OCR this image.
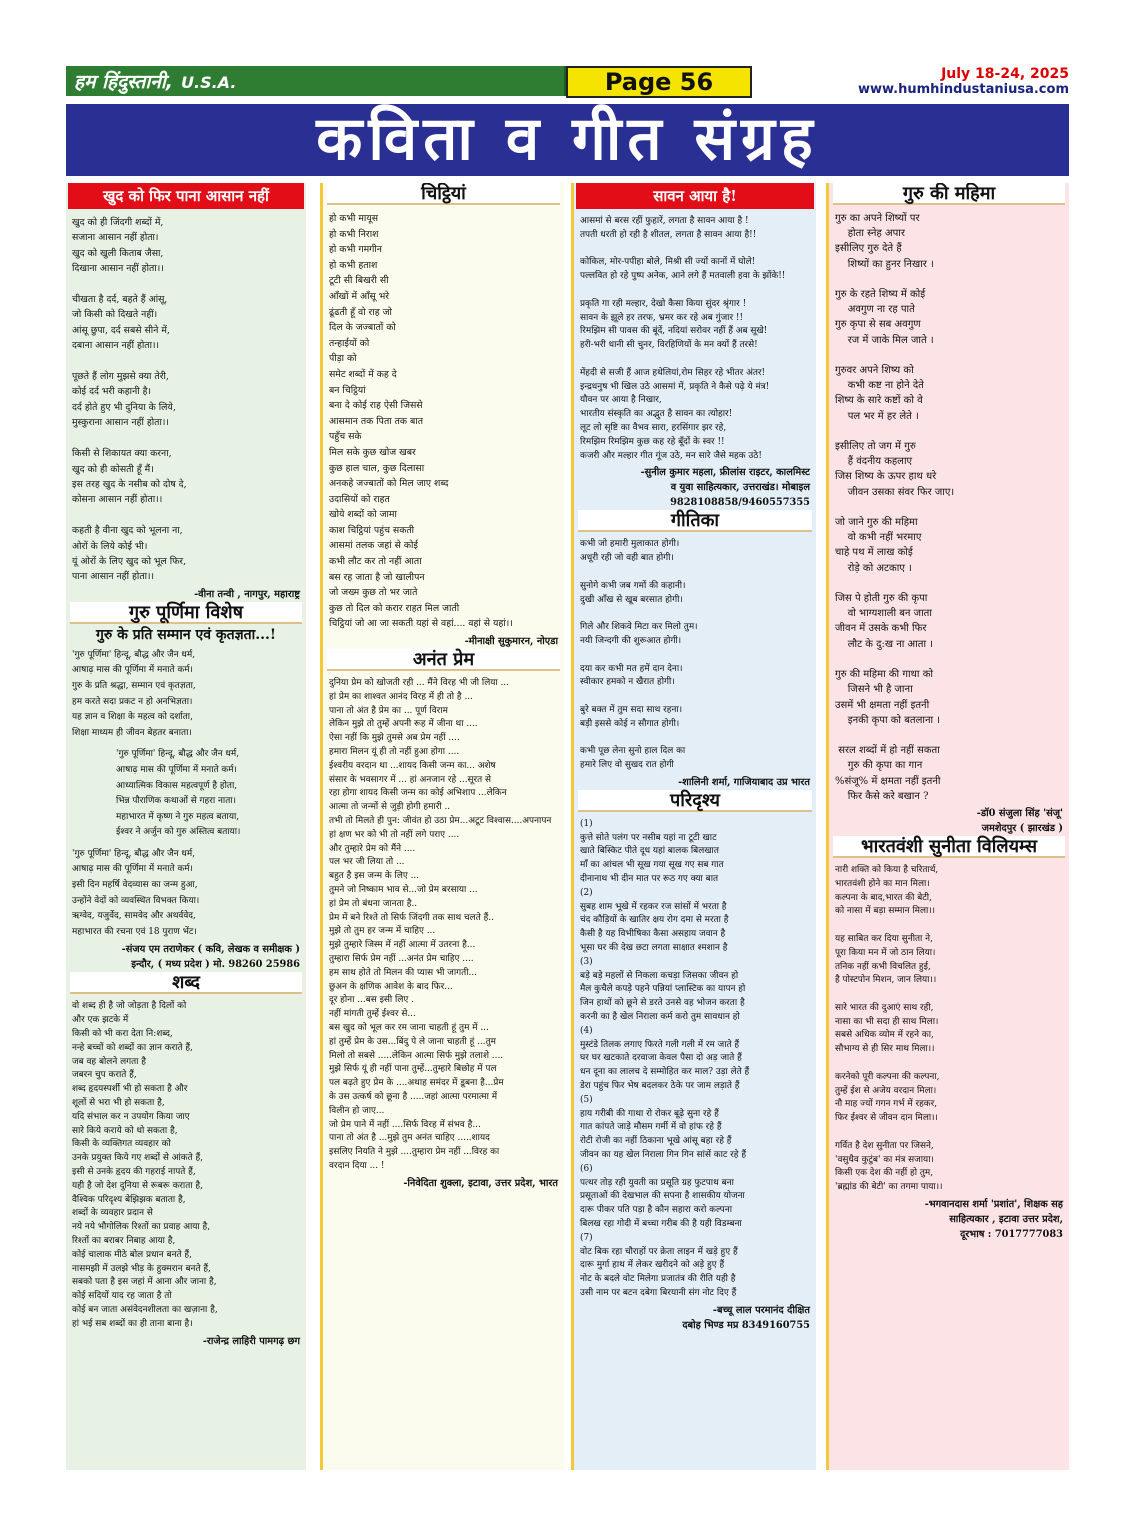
हम हिंदुस्तानी, U.S.A.	Page 56	July 18-24, 2025
www.humhindustaniusa.com
कविता व गीत संग्रह
खुद को फिर पाना आसान नहीं
खुद को ही जिंदगी शब्दों में,
सजाना आसान नहीं होता।
खुद को खुली किताब जैसा,
दिखाना आसान नहीं होता।।

चीखता है दर्द, बहते हैं आंसू,
जो किसी को दिखते नहीं।
आंसू छुपा, दर्द सबसे सीने में,
दबाना आसान नहीं होता।।

पूछते हैं लोग मुझसे क्या तेरी,
कोई दर्द भरी कहानी है।
दर्द होते हुए भी दुनिया के लिये,
मुस्कुराना आसान नहीं होता।।

किसी से शिकायत क्या करना,
खुद को ही कोसती हूँ मैं।
इस तरह खुद के नसीब को दोष दे,
कोसना आसान नहीं होता।।

कहती है वीना खुद को भूलना ना,
ओरों के लिये कोई भी।
यूं ओरों के लिए खुद को भूल फिर,
पाना आसान नहीं होता।।
-वीना तन्वी , नागपुर, महाराष्ट्र
गुरु पूर्णिमा विशेष
गुरु के प्रति सम्मान एवं कृतज्ञता...!
'गुरु पूर्णिमा' हिन्दू, बौद्ध और जैन धर्म,
आषाढ़ मास की पूर्णिमा में मनाते कर्म।
गुरु के प्रति श्रद्धा, सम्मान एवं कृतज्ञता,
हम करते सदा प्रकट न हो अनभिज्ञता।
यह ज्ञान व शिक्षा के महत्व को दर्शाता,
शिक्षा माध्यम ही जीवन बेहतर बनाता।
'गुरु पूर्णिमा' हिन्दू, बौद्ध और जैन धर्म,
आषाढ़ मास की पूर्णिमा में मनाते कर्म।
आध्यात्मिक विकास महत्वपूर्ण है होता,
भिन्न पौराणिक कथाओं से गहरा नाता।
महाभारत में कृष्ण ने गुरु महत्व बताया,
ईश्वर ने अर्जुन को गुरु अस्तित्व बताया।
'गुरु पूर्णिमा' हिन्दू, बौद्ध और जैन धर्म,
आषाढ़ मास की पूर्णिमा में मनाते कर्म।
इसी दिन महर्षि वेदव्यास का जन्म हुआ,
उन्होंने वेदों को व्यवस्थित विभक्त किया।
ऋग्वेद, यजुर्वेद, सामवेद और अथर्ववेद,
महाभारत की रचना एवं 18 पुराण भेंट।
-संजय एम तराणेकर ( कवि, लेखक व समीक्षक )
इन्दौर, ( मध्य प्रदेश ) मो. 98260 25986
शब्द
वो शब्द ही है जो जोड़ता है दिलों को
और एक झटके में
किसी को भी करा देता नि:शब्द,
नन्हे बच्चों को शब्दों का ज्ञान कराते हैं,
जब वह बोलने लगता है
जबरन चुप कराते हैं,
शब्द हृदयस्पर्शी भी हो सकता है और
शूलों से भरा भी हो सकता है,
यदि संभाल कर न उपयोग किया जाए
सारे किये कराये को धो सकता है,
किसी के व्यक्तिगत व्यवहार को
उनके प्रयुक्त किये गए शब्दों से आंकते हैं,
इसी से उनके हृदय की गहराई नापते हैं,
यही है जो देश दुनिया से रूबरू कराता है,
वैश्विक परिदृश्य बेझिझक बताता है,
शब्दों के व्यवहार प्रदान से
नये नये भौगोलिक रिश्तों का प्रवाह आया है,
रिश्तों का बराबर निबाह आया है,
कोई चालाक मीठे बोल प्रधान बनते हैं,
नासमझी में उलझे भीड़ के हुक्मरान बनते हैं,
सबको पता है इस जहां में आना और जाना है,
कोई सदियों याद रह जाता है तो
कोई बन जाता असंवेदनशीलता का खज़ाना है,
हां भई सब शब्दों का ही ताना बाना है।
-राजेन्द्र लाहिरी पामगढ़ छग
चिट्ठियां
हो कभी मायूस
हो कभी निराश
हो कभी गमगीन
हो कभी हताश
टूटी सी बिखरी सी
आँखों में आँसू भरे
ढूंढती हूँ वो राह जो
दिल के जज्बातों को
तन्हाईयों को
पीड़ा को
समेट शब्दों में कह दे
बन चिट्ठियां
बना दे कोई राह ऐसी जिससे
आसमान तक पिता तक बात
पहुँच सके
मिल सके कुछ खोज खबर
कुछ हाल चाल, कुछ दिलासा
अनकहे जज्बातों को मिल जाए शब्द
उदासियों को राहत
खोये शब्दों को जामा
काश चिट्ठियां पहुंच सकती
आसमां तलक जहां से कोई
कभी लौट कर तो नहीं आता
बस रह जाता है जो खालीपन
जो जख्म कुछ तो भर जाते
कुछ तो दिल को करार राहत मिल जाती
चिट्ठियां जो आ जा सकती यहां से वहां.... वहां से यहां।।
-मीनाक्षी सुकुमारन, नोएडा
अनंत प्रेम
दुनिया प्रेम को खोजती रही ... मैंने विरह भी जी लिया ...
हां प्रेम का शाश्वत आनंद विरह में ही तो है ...
पाना तो अंत है प्रेम का ... पूर्ण विराम
लेकिन मुझे तो तुम्हें अपनी रूह में जीना था ....
ऐसा नहीं कि मुझे तुमसे अब प्रेम नहीं ....
हमारा मिलन यूं ही तो नहीं हुआ होगा ....
ईश्वरीय वरदान था ...शायद किसी जन्म का... अशेष
संसार के भवसागर में ... हां अनजान रहे ...सूरत से
रहा होगा शायद किसी जन्म का कोई अभिशाप ...लेकिन
आत्मा तो जन्मों से जुड़ी होगी हमारी ..
तभी तो मिलते ही पुन: जीवंत हो उठा प्रेम...अटूट विश्वास....अपनापन
हां क्षण भर को भी तो नहीं लगे पराए ....
और तुम्हारे प्रेम को मैंने ....
पल भर जी लिया तो ...
बहुत है इस जन्म के लिए ...
तुमने जो निष्काम भाव से...जो प्रेम बरसाया ...
हां प्रेम तो बंधना जानता है..
प्रेम में बने रिश्ते तो सिर्फ जिंदगी तक साथ चलते हैं..
मुझे तो तुम हर जन्म में चाहिए ...
मुझे तुम्हारे जिस्म में नहीं आत्मा में उतरना है...
तुम्हारा सिर्फ प्रेम नहीं ...अनंत प्रेम चाहिए ....
हम साथ होते तो मिलन की प्यास भी जागती...
छुअन के क्षणिक आवेश के बाद फिर...
दूर होना ...बस इसी लिए .
नहीं मांगती तुम्हें ईश्वर से...
बस खुद को भूल कर रम जाना चाहती हूं तुम में ...
हां तुम्हें प्रेम के उस...बिंदु पे ले जाना चाहती हूं ...तुम
मिलो तो सबसे .....लेकिन आत्मा सिर्फ मुझे तलाशे ....
मुझे सिर्फ यूं ही नहीं पाना तुम्हें...तुम्हारे बिछोह में पल
पल बढ़ते हुए प्रेम के ....अथाह समंदर में डूबना है...प्रेम
के उस उत्कर्ष को छूना है .....जहां आत्मा परमात्मा में
विलीन हो जाए...
जो प्रेम पाने में नहीं ....सिर्फ विरह में संभव है...
पाना तो अंत है ...मुझे तुम अनंत चाहिए .....शायद
इसलिए नियति ने मुझे ....तुम्हारा प्रेम नहीं ...विरह का
वरदान दिया ... !
-निवेदिता शुक्ला, इटावा, उत्तर प्रदेश, भारत
सावन आया है!
आसमां से बरस रहीं फुहारें, लगता है सावन आया है !
तपती धरती हो रही है शीतल, लगता है सावन आया है!!

कोकिल, मोर-पपीहा बोले, मिश्री सी ज्यों कानों में घोले!
पल्लवित हो रहे पुष्प अनेक, आने लगे हैं मतवाली हवा के झोंके!!

प्रकृति गा रही मल्हार, देखो कैसा किया सुंदर श्रृंगार !
सावन के झूले हर तरफ, भ्रमर कर रहे अब गुंजार !!
रिमझिम सी पावस की बूंदें, नदियां सरोवर नहीं हैं अब सूखे!
हरी-भरी धानी सी चुनर, विरहिणियों के मन क्यों हैं तरसे!

मेंहदी से सजी हैं आज हथेलियां,रोम सिहर रहे भीतर अंतर!
इन्द्रधनुष भी खिल उठे आसमां में, प्रकृति ने कैसे पढ़े ये मंत्र!
यौवन पर आया है निखार,
भारतीय संस्कृति का अद्भुत है सावन का त्योहार!
लूट लो सृष्टि का वैभव सारा, हरसिंगार झर रहे,
रिमझिम रिमझिम कुछ कह रहे बूँदों के स्वर !!
कजरी और मल्हार गीत गूंज उठे, मन सारे जैसे महक उठे!
-सुनील कुमार महला, फ्रीलांस राइटर, कालमिस्ट
व युवा साहित्यकार, उत्तराखंड। मोबाइल
9828108858/9460557355
गीतिका
कभी जो हमारी मुलाकात होगी।
अधूरी रही जो वही बात होगी।

सुनोगे कभी जब गमों की कहानी।
दुखी आँख से खूब बरसात होगी।

गिले और शिकवे मिटा कर मिलो तुम।
नयी जिन्दगी की शुरूआत होगी।

दया कर कभी मत हमें दान देना।
स्वीकार हमको न खैरात होगी।

बुरे बक्त में तुम सदा साथ रहना।
बड़ी इससे कोई न सौगात होगी।

कभी पूछ लेना सुनो हाल दिल का
हमारे लिए वो सुखद रात होगी
-शालिनी शर्मा, गाजियाबाद उप्र भारत
परिदृश्य
(1)
कुत्ते सोते पलंग पर नसीब यहां ना टूटी खाट
खाते बिस्किट पीते दूध यहां बालक बिलखात
माँ का आंचल भी सूख गया सूख गए सब गात
दीनानाथ भी दीन मात पर रूठ गए क्या बात
(2)
सुबह शाम भूखे में रहकर रज सांसों में भरता है
चंद कौड़ियों के खातिर क्षय रोग दमा से मरता है
कैसी है यह विभीषिका कैसा असहाय जवान है
भूसा घर की देख छटा लगता साक्षात श्मशान है
(3)
बड़े बड़े महलों से निकला कचड़ा जिसका जीवन हो
मैल कुचैले कपड़े पहने पन्नियां प्लास्टिक का यापन हो
जिन हाथों को छूने से डरते उनसे वह भोजन करता है
करनी का है खेल निराला कर्म करो तुम सावधान हो
(4)
मुस्टंडे तिलक लगाए फिरते गली गली में रम जाते हैं
घर घर खटकाते दरवाजा केवल पैसा दो अड़ जाते हैं
धन दूना का लालच दे सम्मोहित कर माल? उड़ा लेते हैं
डेरा पहुंच फिर भेष बदलकर ठेके पर जाम लड़ाते हैं
(5)
हाय गरीबी की गाथा रो रोकर बूढ़े सुना रहे हैं
गात कांपते जाड़े मौसम गर्मी में वो हांफ रहे हैं
रोटी रोजी का नहीं ठिकाना भूखे आंसू बहा रहे हैं
जीवन का यह खेल निराला गिन गिन सांसें काट रहे हैं
(6)
पत्थर तोड़ रही युवती का प्रसूति ग्रह फुटपाथ बना
प्रसूताओं की देखभाल की सपना है शासकीय योजना
दारू पीकर पति पड़ा है कौन सहारा करो कल्पना
बिलख रहा गोदी में बच्चा गरीब की है यही विडम्बना
(7)
वोट बिक रहा चौराहों पर क्रेता लाइन में खड़े हुए हैं
दारू मुर्गा हाथ में लेकर खरीदने को अड़े हुए हैं
नोट के बदले वोट मिलेगा प्रजातंत्र की रीति यही है
उसी नाम पर बटन दबेगा बिरयानी संग नोट दिए हैं
-बच्चू लाल परमानंद दीक्षित
दबोह भिण्ड मप्र 8349160755
गुरु की महिमा
गुरु का अपने शिष्यों पर
होता स्नेह अपार
इसीलिए गुरु देते हैं
शिष्यों का हुनर निखार ।

गुरु के रहते शिष्य में कोई
अवगुण ना रह पाते
गुरु कृपा से सब अवगुण
रज में जाके मिल जाते ।

गुरुवर अपने शिष्य को
कभी कष्ट ना होने देते
शिष्य के सारे कष्टों को वे
पल भर में हर लेते ।

इसीलिए तो जग में गुरु
हैं वंदनीय कहलाए
जिस शिष्य के ऊपर हाथ धरे
जीवन उसका संवर फिर जाए।

जो जाने गुरु की महिमा
वो कभी नहीं भरमाए
चाहे पथ में लाख कोई
रोड़े को अटकाए ।

जिस पे होती गुरु की कृपा
वो भाग्यशाली बन जाता
जीवन में उसके कभी फिर
लौट के दु:ख ना आता ।

गुरु की महिमा की गाथा को
जिसने भी है जाना
उसमें भी क्षमता नहीं इतनी
इनकी कृपा को बतलाना ।

सरल शब्दों में हो नहीं सकता
गुरु की कृपा का गान
%संजू% में क्षमता नहीं इतनी
फिर कैसे करे बखान ?
-डॉ0 संजुला सिंह 'संजू'
जमशेदपुर ( झारखंड )
भारतवंशी सुनीता विलियम्स
नारी शक्ति को किया है चरितार्थ,
भारतवंशी होने का मान मिला।
कल्पना के बाद,भारत की बेटी,
को नासा में बड़ा सम्मान मिला।।

यह साबित कर दिया सुनीता ने,
पूरा किया मन में जो ठान लिया।
तनिक नहीं कभी विचलित हुई,
है पोस्टपोन मिशन, जान लिया।।

सारे भारत की दुआएं साथ रही,
नासा का भी सदा ही साथ मिला।
सबसे अधिक व्योम में रहने का,
सौभाग्य से ही सिर माथ मिला।।

करनेको पूरी कल्पना की कल्पना,
तुम्हें ईश से अजेय वरदान मिला।
नौ माह ज्यों गगन गर्भ में रहकर,
फिर ईश्वर से जीवन दान मिला।।

गर्वित है देश सुनीता पर जिसने,
'वसुधैव कुटुंब' का मंत्र सजाया।
किसी एक देश की नहीं हो तुम,
'ब्रह्मांड की बेटी' का तगमा पाया।।
-भगवानदास शर्मा 'प्रशांत', शिक्षक सह
साहित्यकार , इटावा उत्तर प्रदेश,
दूरभाष : 7017777083
